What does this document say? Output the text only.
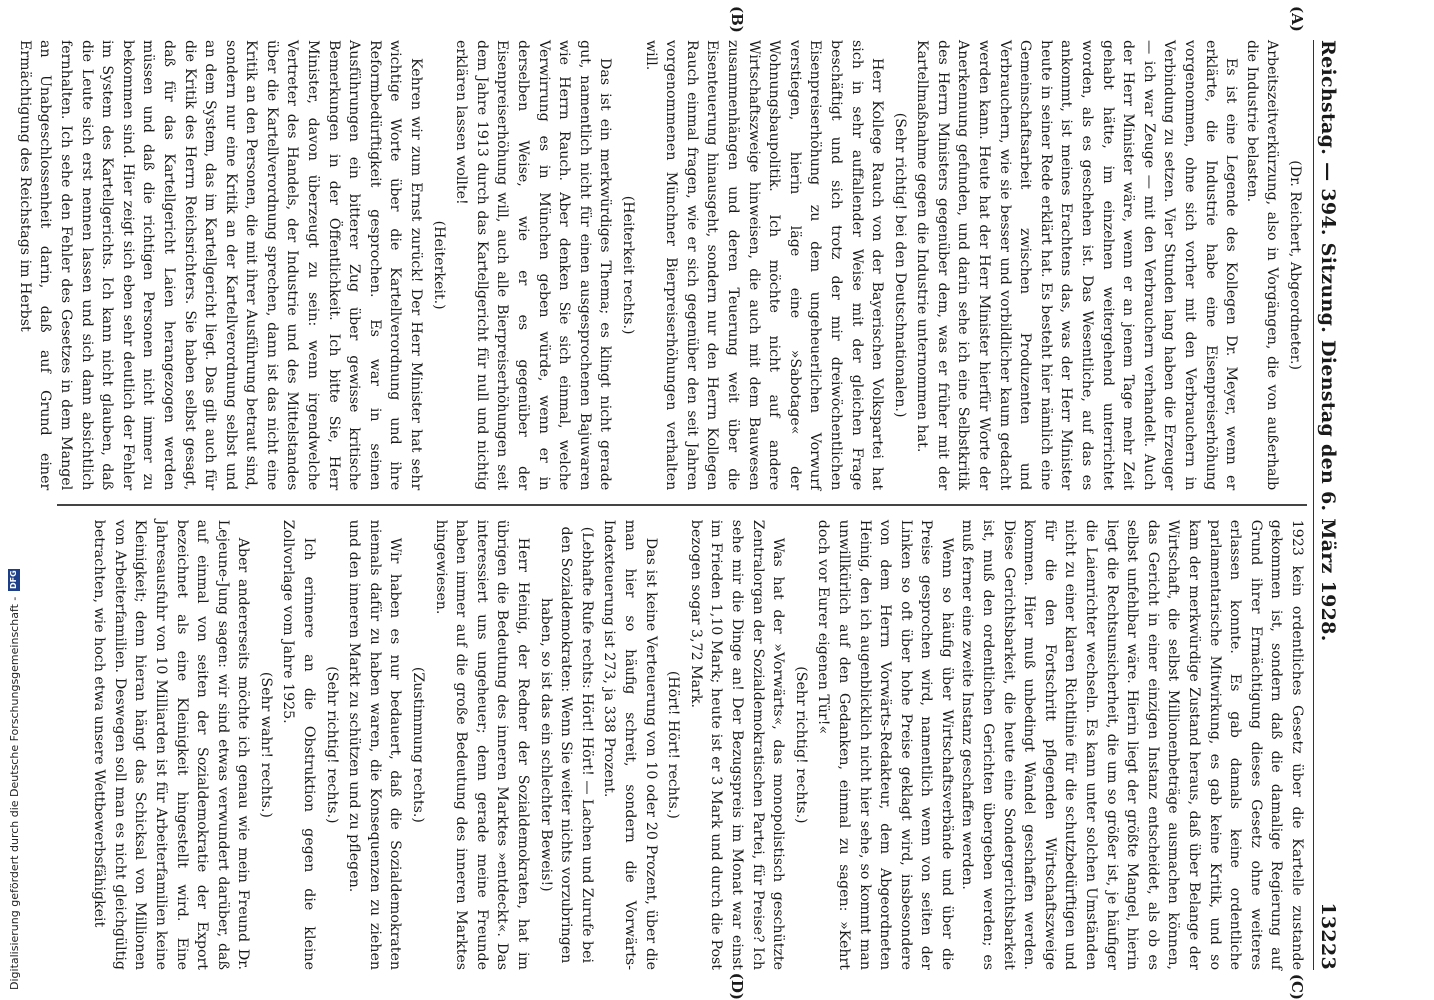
Reichstag. — 394. Sitzung. Dienstag den 6. März 1928.
13223
(A)
(B)

(Dr. Reichert, Abgeordneter.)

Arbeitszeitverkürzung, also in Vorgängen, die von außerhalb die Industrie belasten.

Es ist eine Legende des Kollegen Dr. Meyer, wenn er erklärte, die Industrie habe eine Eisenpreiserhöhung vorgenommen, ohne sich vorher mit den Verbrauchern in Verbindung zu setzen. Vier Stunden lang haben die Erzeuger — ich war Zeuge — mit den Verbrauchern verhandelt. Auch der Herr Minister wäre, wenn er an jenem Tage mehr Zeit gehabt hätte, im einzelnen weitergehend unterrichtet worden, als es geschehen ist. Das Wesentliche, auf das es ankommt, ist meines Erachtens das, was der Herr Minister heute in seiner Rede erklärt hat. Es besteht hier nämlich eine Gemeinschaftsarbeit zwischen Produzenten und Verbrauchern, wie sie besser und vorbildlicher kaum gedacht werden kann. Heute hat der Herr Minister hierfür Worte der Anerkennung gefunden, und darin sehe ich eine Selbstkritik des Herrn Ministers gegenüber dem, was er früher mit der Kartellmaßnahme gegen die Industrie unternommen hat.

(Sehr richtig! bei den Deutschnationalen.)

Herr Kollege Rauch von der Bayerischen Volkspartei hat sich in sehr auffallender Weise mit der gleichen Frage beschäftigt und sich trotz der mir dreiwöchentlichen Eisenpreiserhöhung zu dem ungeheuerlichen Vorwurf verstiegen, hierin läge eine »Sabotage« der Wohnungsbaupolitik. Ich möchte nicht auf andere Wirtschaftszweige hinweisen, die auch mit dem Bauwesen zusammenhängen und deren Teuerung weit über die Eisenteuerung hinausgeht, sondern nur den Herrn Kollegen Rauch einmal fragen, wie er sich gegenüber den seit Jahren vorgenommenen Münchner Bierpreiserhöhungen verhalten will.

(Heiterkeit rechts.)

Das ist ein merkwürdiges Thema; es klingt nicht gerade gut, namentlich nicht für einen ausgesprochenen Bajuwaren wie Herrn Rauch. Aber denken Sie sich einmal, welche Verwirrung es in München geben würde, wenn er in derselben Weise, wie er es gegenüber der Eisenpreiserhöhung will, auch alle Bierpreiserhöhungen seit dem Jahre 1913 durch das Kartellgericht für null und nichtig erklären lassen wollte!

(Heiterkeit.)

Kehren wir zum Ernst zurück! Der Herr Minister hat sehr wichtige Worte über die Kartellverordnung und ihre Reformbedürftigkeit gesprochen. Es war in seinen Ausführungen ein bitterer Zug über gewisse kritische Bemerkungen in der Öffentlichkeit. Ich bitte Sie, Herr Minister, davon überzeugt zu sein: wenn irgendwelche Vertreter des Handels, der Industrie und des Mittelstandes über die Kartellverordnung sprechen, dann ist das nicht eine Kritik an den Personen, die mit ihrer Ausführung betraut sind, sondern nur eine Kritik an der Kartellverordnung selbst und an dem System, das im Kartellgericht liegt. Das gilt auch für die Kritik des Herrn Reichsrichters. Sie haben selbst gesagt, daß für das Kartellgericht Laien herangezogen werden müssen und daß die richtigen Personen nicht immer zu bekommen sind. Hier zeigt sich eben sehr deutlich der Fehler im System des Kartellgerichts. Ich kann nicht glauben, daß die Leute sich erst nennen lassen und sich dann absichtlich fernhalten. Ich sehe den Fehler des Gesetzes in dem Mangel an Unabgeschlossenheit darin, daß auf Grund einer Ermächtigung des Reichstags im Herbst

(C)
(D)

1923 kein ordentliches Gesetz über die Kartelle zustande gekommen ist, sondern daß die damalige Regierung auf Grund ihrer Ermächtigung dieses Gesetz ohne weiteres erlassen konnte. Es gab damals keine ordentliche parlamentarische Mitwirkung, es gab keine Kritik, und so kam der merkwürdige Zustand heraus, daß über Belange der Wirtschaft, die selbst Millionenbeträge ausmachen können, das Gericht in einer einzigen Instanz entscheidet, als ob es selbst unfehlbar wäre. Hierin liegt der größte Mangel, hierin liegt die Rechtsunsicherheit, die um so größer ist, je häufiger die Laienrichter wechseln. Es kann unter solchen Umständen nicht zu einer klaren Richtlinie für die schutzbedürftigen und für die den Fortschritt pflegenden Wirtschaftszweige kommen. Hier muß unbedingt Wandel geschaffen werden. Diese Gerichtsbarkeit, die heute eine Sondergerichtsbarkeit ist, muß den ordentlichen Gerichten übergeben werden; es muß ferner eine zweite Instanz geschaffen werden.

Wenn so häufig über Wirtschaftsverbände und über die Preise gesprochen wird, namentlich wenn von seiten der Linken so oft über hohe Preise geklagt wird, insbesondere von dem Herrn Vorwärts-Redakteur, dem Abgeordneten Heinig, den ich augenblicklich nicht hier sehe, so kommt man unwillkürlich auf den Gedanken, einmal zu sagen: »Kehrt doch vor Eurer eigenen Tür!«

(Sehr richtig! rechts.)

Was hat der »Vorwärts«, das monopolistisch geschützte Zentralorgan der Sozialdemokratischen Partei, für Preise? Ich sehe mir die Dinge an! Der Bezugspreis im Monat war einst im Frieden 1,10 Mark; heute ist er 3 Mark und durch die Post bezogen sogar 3,72 Mark.

(Hört! Hört! rechts.)

Das ist keine Verteuerung von 10 oder 20 Prozent, über die man hier so häufig schreit, sondern die Vorwärts-Indexteuerung ist 273, ja 338 Prozent.

(Lebhafte Rufe rechts: Hört! Hört! — Lachen und Zurufe bei den Sozialdemokraten: Wenn Sie weiter nichts vorzubringen haben, so ist das ein schlechter Beweis!)

Herr Heinig, der Redner der Sozialdemokraten, hat im übrigen die Bedeutung des inneren Marktes »entdeckt«. Das interessiert uns ungeheuer; denn gerade meine Freunde haben immer auf die große Bedeutung des inneren Marktes hingewiesen.

(Zustimmung rechts.)

Wir haben es nur bedauert, daß die Sozialdemokraten niemals dafür zu haben waren, die Konsequenzen zu ziehen und den inneren Markt zu schützen und zu pflegen.

(Sehr richtig! rechts.)

Ich erinnere an die Obstruktion gegen die kleine Zollvorlage vom Jahre 1925.

(Sehr wahr! rechts.)

Aber andererseits möchte ich genau wie mein Freund Dr. Lejeune-Jung sagen: wir sind etwas verwundert darüber, daß auf einmal von seiten der Sozialdemokratie der Export bezeichnet als eine Kleinigkeit hingestellt wird. Eine Jahresausfuhr von 10 Milliarden ist für Arbeiterfamilien keine Kleinigkeit; denn hieran hängt das Schicksal von Millionen von Arbeiterfamilien. Deswegen soll man es nicht gleichgültig betrachten, wie hoch etwa unsere Wettbewerbsfähigkeit

Digitalisierung gefördert durch die Deutsche Forschungsgemeinschaft -
DFG
